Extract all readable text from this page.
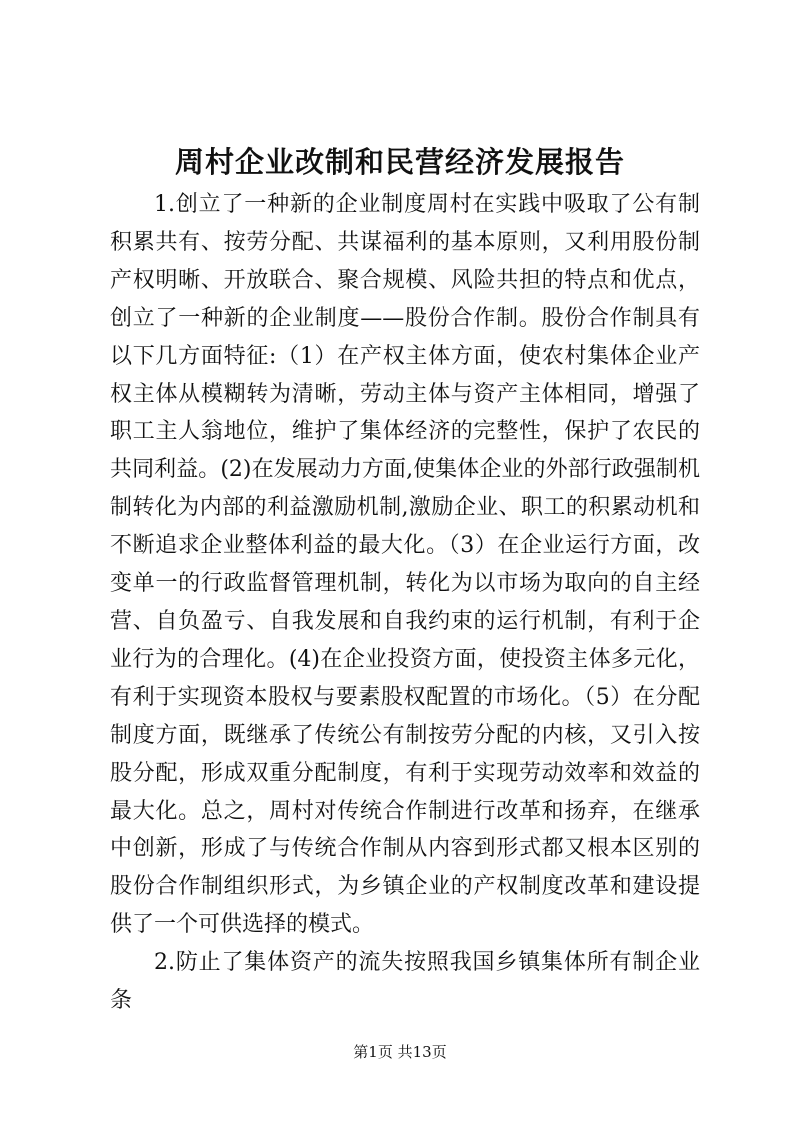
周村企业改制和民营经济发展报告

1.创立了一种新的企业制度周村在实践中吸取了公有制积累共有、按劳分配、共谋福利的基本原则，又利用股份制产权明晰、开放联合、聚合规模、风险共担的特点和优点，创立了一种新的企业制度——股份合作制。股份合作制具有以下几方面特征:（1）在产权主体方面，使农村集体企业产权主体从模糊转为清晰，劳动主体与资产主体相同，增强了职工主人翁地位，维护了集体经济的完整性，保护了农民的共同利益。(2)在发展动力方面,使集体企业的外部行政强制机制转化为内部的利益激励机制,激励企业、职工的积累动机和不断追求企业整体利益的最大化。（3）在企业运行方面，改变单一的行政监督管理机制，转化为以市场为取向的自主经营、自负盈亏、自我发展和自我约束的运行机制，有利于企业行为的合理化。(4)在企业投资方面，使投资主体多元化，有利于实现资本股权与要素股权配置的市场化。（5）在分配制度方面，既继承了传统公有制按劳分配的内核，又引入按股分配，形成双重分配制度，有利于实现劳动效率和效益的最大化。总之，周村对传统合作制进行改革和扬弃，在继承中创新，形成了与传统合作制从内容到形式都又根本区别的股份合作制组织形式，为乡镇企业的产权制度改革和建设提供了一个可供选择的模式。

2.防止了集体资产的流失按照我国乡镇集体所有制企业条

第1页 共13页
